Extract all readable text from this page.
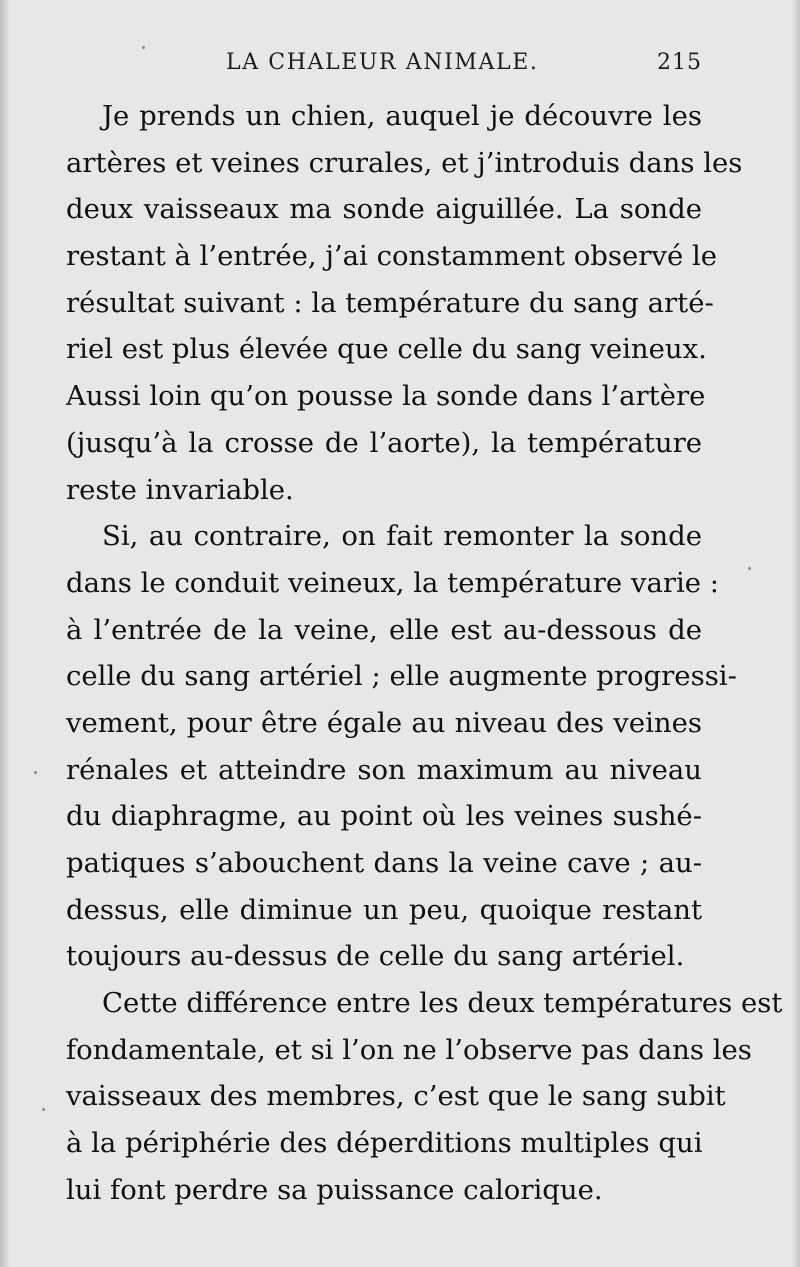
LA CHALEUR ANIMALE.	215
Je prends un chien, auquel je découvre les
artères et veines crurales, et j’introduis dans les
deux vaisseaux ma sonde aiguillée. La sonde
restant à l’entrée, j’ai constamment observé le
résultat suivant : la température du sang arté-
riel est plus élevée que celle du sang veineux.
Aussi loin qu’on pousse la sonde dans l’artère
(jusqu’à la crosse de l’aorte), la température
reste invariable.
Si, au contraire, on fait remonter la sonde
dans le conduit veineux, la température varie :
à l’entrée de la veine, elle est au-dessous de
celle du sang artériel ; elle augmente progressi-
vement, pour être égale au niveau des veines
rénales et atteindre son maximum au niveau
du diaphragme, au point où les veines sushé-
patiques s’abouchent dans la veine cave ; au-
dessus, elle diminue un peu, quoique restant
toujours au-dessus de celle du sang artériel.
Cette différence entre les deux températures est
fondamentale, et si l’on ne l’observe pas dans les
vaisseaux des membres, c’est que le sang subit
à la périphérie des déperditions multiples qui
lui font perdre sa puissance calorique.
